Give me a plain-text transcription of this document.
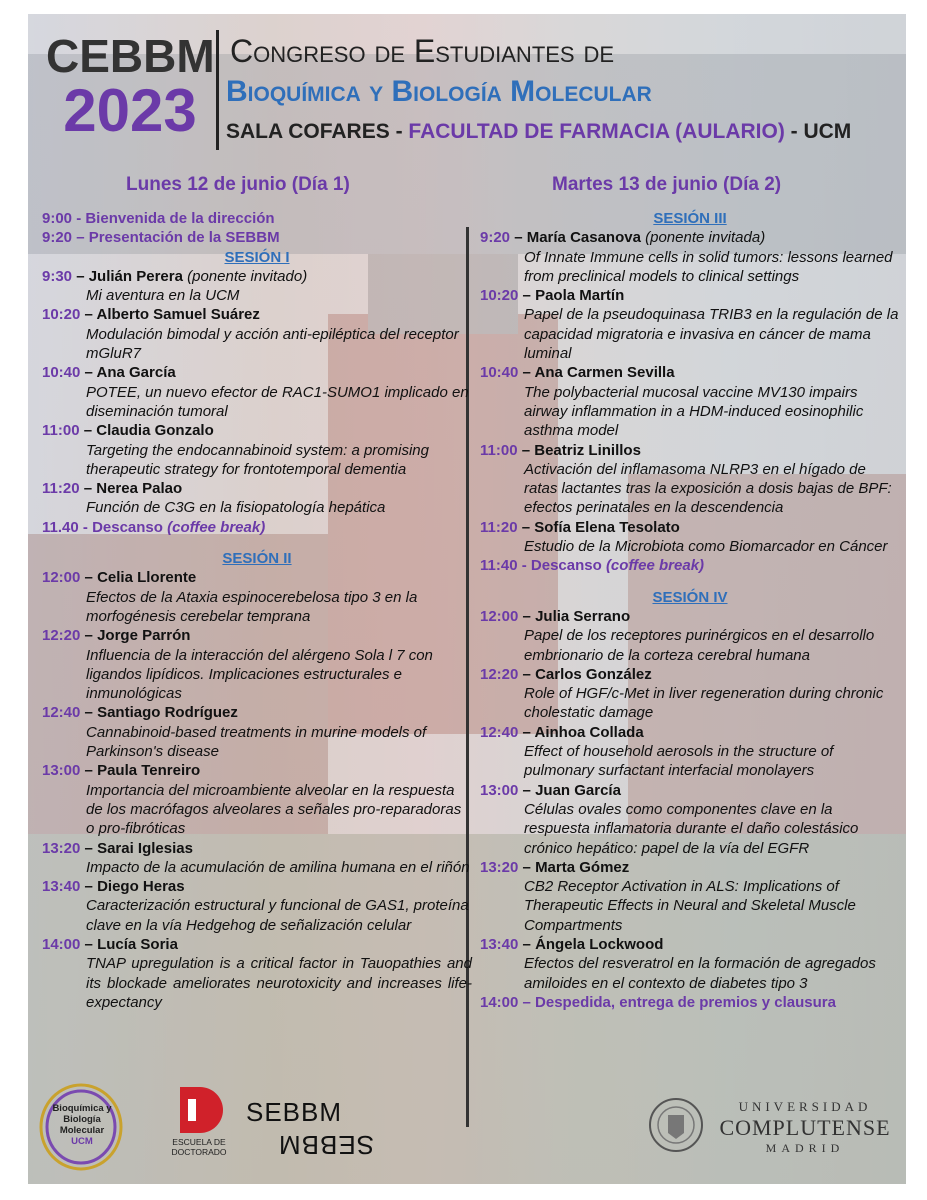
CEBBM
2023
Congreso de Estudiantes de
Bioquímica y Biología Molecular
SALA COFARES - FACULTAD DE FARMACIA (AULARIO) - UCM
Lunes 12 de junio (Día 1)	Martes 13 de junio (Día 2)
9:00 - Bienvenida de la dirección
9:20 – Presentación de la SEBBM
SESIÓN I
9:30 – Julián Perera (ponente invitado)
Mi aventura en la UCM
10:20 – Alberto Samuel Suárez
Modulación bimodal y acción anti-epiléptica del receptor mGluR7
10:40 – Ana García
POTEE, un nuevo efector de RAC1-SUMO1 implicado en diseminación tumoral
11:00 – Claudia Gonzalo
Targeting the endocannabinoid system: a promising therapeutic strategy for frontotemporal dementia
11:20 – Nerea Palao
Función de C3G en la fisiopatología hepática
11.40 - Descanso (coffee break)
SESIÓN II
12:00 – Celia Llorente
Efectos de la Ataxia espinocerebelosa tipo 3 en la morfogénesis cerebelar temprana
12:20 – Jorge Parrón
Influencia de la interacción del alérgeno Sola l 7 con ligandos lipídicos. Implicaciones estructurales e inmunológicas
12:40 – Santiago Rodríguez
Cannabinoid-based treatments in murine models of Parkinson's disease
13:00 – Paula Tenreiro
Importancia del microambiente alveolar en la respuesta de los macrófagos alveolares a señales pro-reparadoras o pro-fibróticas
13:20 – Sarai Iglesias
Impacto de la acumulación de amilina humana en el riñón
13:40 – Diego Heras
Caracterización estructural y funcional de GAS1, proteína clave en la vía Hedgehog de señalización celular
14:00 – Lucía Soria
TNAP upregulation is a critical factor in Tauopathies and its blockade ameliorates neurotoxicity and increases life-expectancy
SESIÓN III
9:20 – María Casanova (ponente invitada)
Of Innate Immune cells in solid tumors: lessons learned from preclinical models to clinical settings
10:20 – Paola Martín
Papel de la pseudoquinasa TRIB3 en la regulación de la capacidad migratoria e invasiva en cáncer de mama luminal
10:40 – Ana Carmen Sevilla
The polybacterial mucosal vaccine MV130 impairs airway inflammation in a HDM-induced eosinophilic asthma model
11:00 – Beatriz Linillos
Activación del inflamasoma NLRP3 en el hígado de ratas lactantes tras la exposición a dosis bajas de BPF: efectos perinatales en la descendencia
11:20 – Sofía Elena Tesolato
Estudio de la Microbiota como Biomarcador en Cáncer
11:40 - Descanso (coffee break)
SESIÓN IV
12:00 – Julia Serrano
Papel de los receptores purinérgicos en el desarrollo embrionario de la corteza cerebral humana
12:20 – Carlos González
Role of HGF/c-Met in liver regeneration during chronic cholestatic damage
12:40 – Ainhoa Collada
Effect of household aerosols in the structure of pulmonary surfactant interfacial monolayers
13:00 – Juan García
Células ovales como componentes clave en la respuesta inflamatoria durante el daño colestásico crónico hepático: papel de la vía del EGFR
13:20 – Marta Gómez
CB2 Receptor Activation in ALS: Implications of Therapeutic Effects in Neural and Skeletal Muscle Compartments
13:40 – Ángela Lockwood
Efectos del resveratrol en la formación de agregados amiloides en el contexto de diabetes tipo 3
14:00 – Despedida, entrega de premios y clausura
Bioquímica y
Biología
Molecular
UCM	ESCUELA DE
DOCTORADO
SEBBM
SEBBM
UNIVERSIDAD
COMPLUTENSE
MADRID
